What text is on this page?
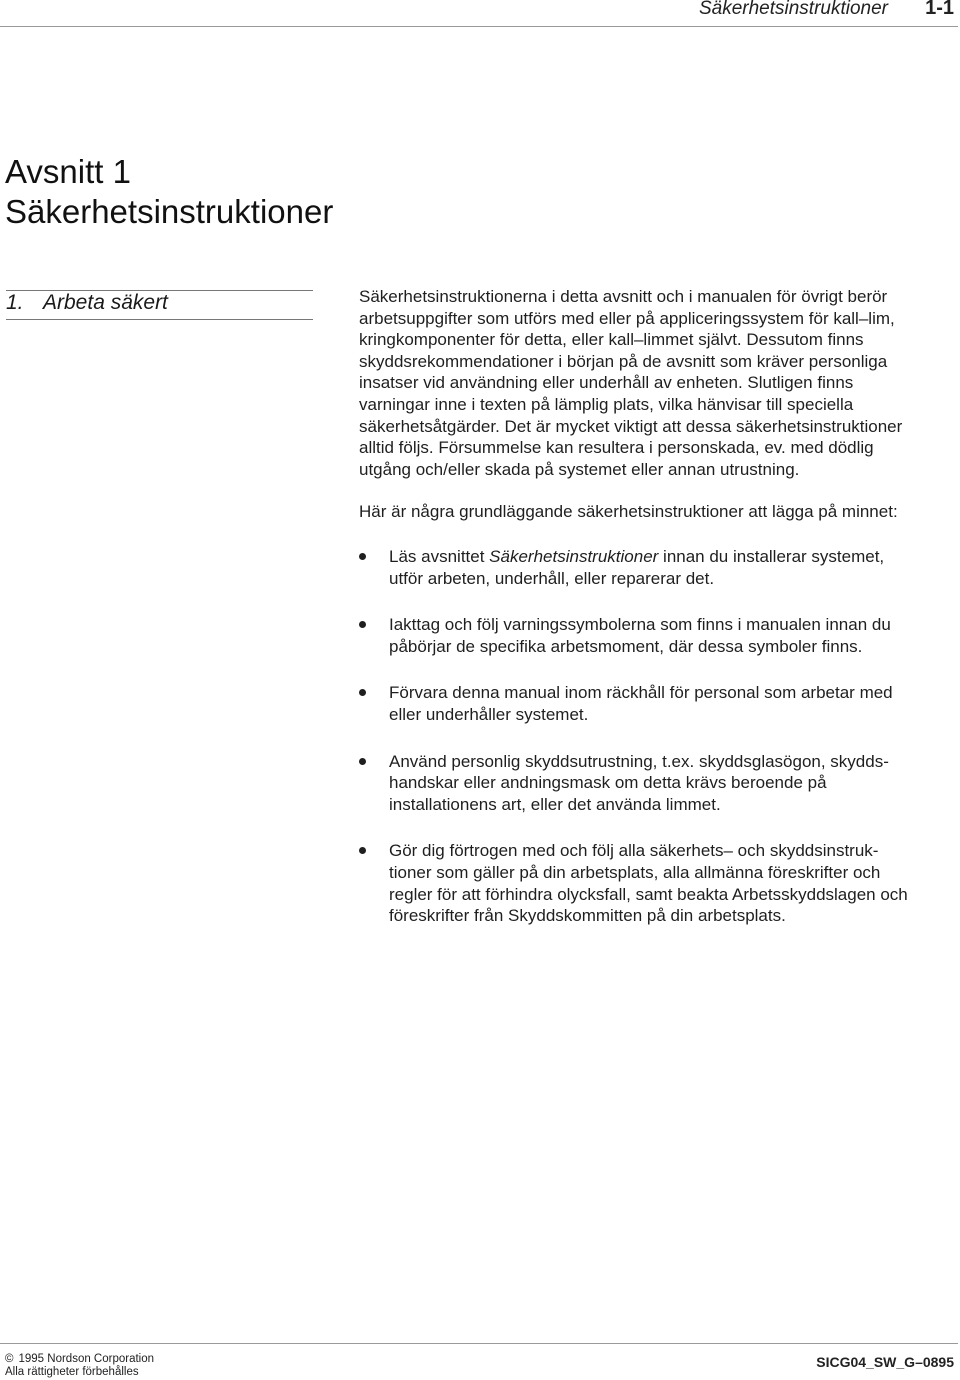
Säkerhetsinstruktioner 1-1
Avsnitt 1
Säkerhetsinstruktioner
1. Arbeta säkert	Säkerhetsinstruktionerna i detta avsnitt och i manualen för övrigt berör
arbetsuppgifter som utförs med eller på appliceringssystem för kall–lim,
kringkomponenter för detta, eller kall–limmet självt. Dessutom finns
skyddsrekommendationer i början på de avsnitt som kräver personliga
insatser vid användning eller underhåll av enheten. Slutligen finns
varningar inne i texten på lämplig plats, vilka hänvisar till speciella
säkerhetsåtgärder. Det är mycket viktigt att dessa säkerhetsinstruktioner
alltid följs. Försummelse kan resultera i personskada, ev. med dödlig
utgång och/eller skada på systemet eller annan utrustning.
Här är några grundläggande säkerhetsinstruktioner att lägga på minnet:
Läs avsnittet Säkerhetsinstruktioner innan du installerar systemet,
utför arbeten, underhåll, eller reparerar det.
Iakttag och följ varningssymbolerna som finns i manualen innan du
påbörjar de specifika arbetsmoment, där dessa symboler finns.
Förvara denna manual inom räckhåll för personal som arbetar med
eller underhåller systemet.
Använd personlig skyddsutrustning, t.ex. skyddsglasögon, skydds-
handskar eller andningsmask om detta krävs beroende på
installationens art, eller det använda limmet.
Gör dig förtrogen med och följ alla säkerhets– och skyddsinstruk-
tioner som gäller på din arbetsplats, alla allmänna föreskrifter och
regler för att förhindra olycksfall, samt beakta Arbetsskyddslagen och
föreskrifter från Skyddskommitten på din arbetsplats.
© 1995 Nordson Corporation
Alla rättigheter förbehålles
SICG04_SW_G–0895
